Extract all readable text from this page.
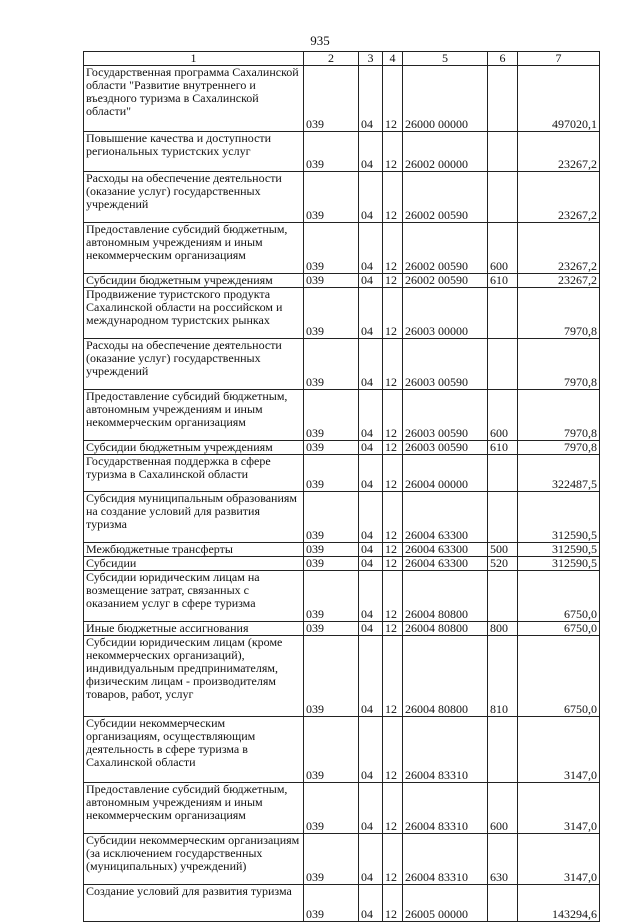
935
1	2	3	4	5	6	7
Государственная программа Сахалинской области "Развитие внутреннего и въездного туризма в Сахалинской области"	039	04	12	26000 00000		497020,1
Повышение качества и доступности региональных туристских услуг	039	04	12	26002 00000		23267,2
Расходы на обеспечение деятельности (оказание услуг) государственных учреждений	039	04	12	26002 00590		23267,2
Предоставление субсидий бюджетным, автономным учреждениям и иным некоммерческим организациям	039	04	12	26002 00590	600	23267,2
Субсидии бюджетным учреждениям	039	04	12	26002 00590	610	23267,2
Продвижение туристского продукта Сахалинской области на российском и международном туристских рынках	039	04	12	26003 00000		7970,8
Расходы на обеспечение деятельности (оказание услуг) государственных учреждений	039	04	12	26003 00590		7970,8
Предоставление субсидий бюджетным, автономным учреждениям и иным некоммерческим организациям	039	04	12	26003 00590	600	7970,8
Субсидии бюджетным учреждениям	039	04	12	26003 00590	610	7970,8
Государственная поддержка в сфере туризма в Сахалинской области	039	04	12	26004 00000		322487,5
Субсидия муниципальным образованиям на создание условий для развития туризма	039	04	12	26004 63300		312590,5
Межбюджетные трансферты	039	04	12	26004 63300	500	312590,5
Субсидии	039	04	12	26004 63300	520	312590,5
Субсидии юридическим лицам на возмещение затрат, связанных с оказанием услуг в сфере туризма	039	04	12	26004 80800		6750,0
Иные бюджетные ассигнования	039	04	12	26004 80800	800	6750,0
Субсидии юридическим лицам (кроме некоммерческих организаций), индивидуальным предпринимателям, физическим лицам - производителям товаров, работ, услуг	039	04	12	26004 80800	810	6750,0
Субсидии некоммерческим организациям, осуществляющим деятельность в сфере туризма в Сахалинской области	039	04	12	26004 83310		3147,0
Предоставление субсидий бюджетным, автономным учреждениям и иным некоммерческим организациям	039	04	12	26004 83310	600	3147,0
Субсидии некоммерческим организациям (за исключением государственных (муниципальных) учреждений)	039	04	12	26004 83310	630	3147,0
Создание условий для развития туризма	039	04	12	26005 00000		143294,6
